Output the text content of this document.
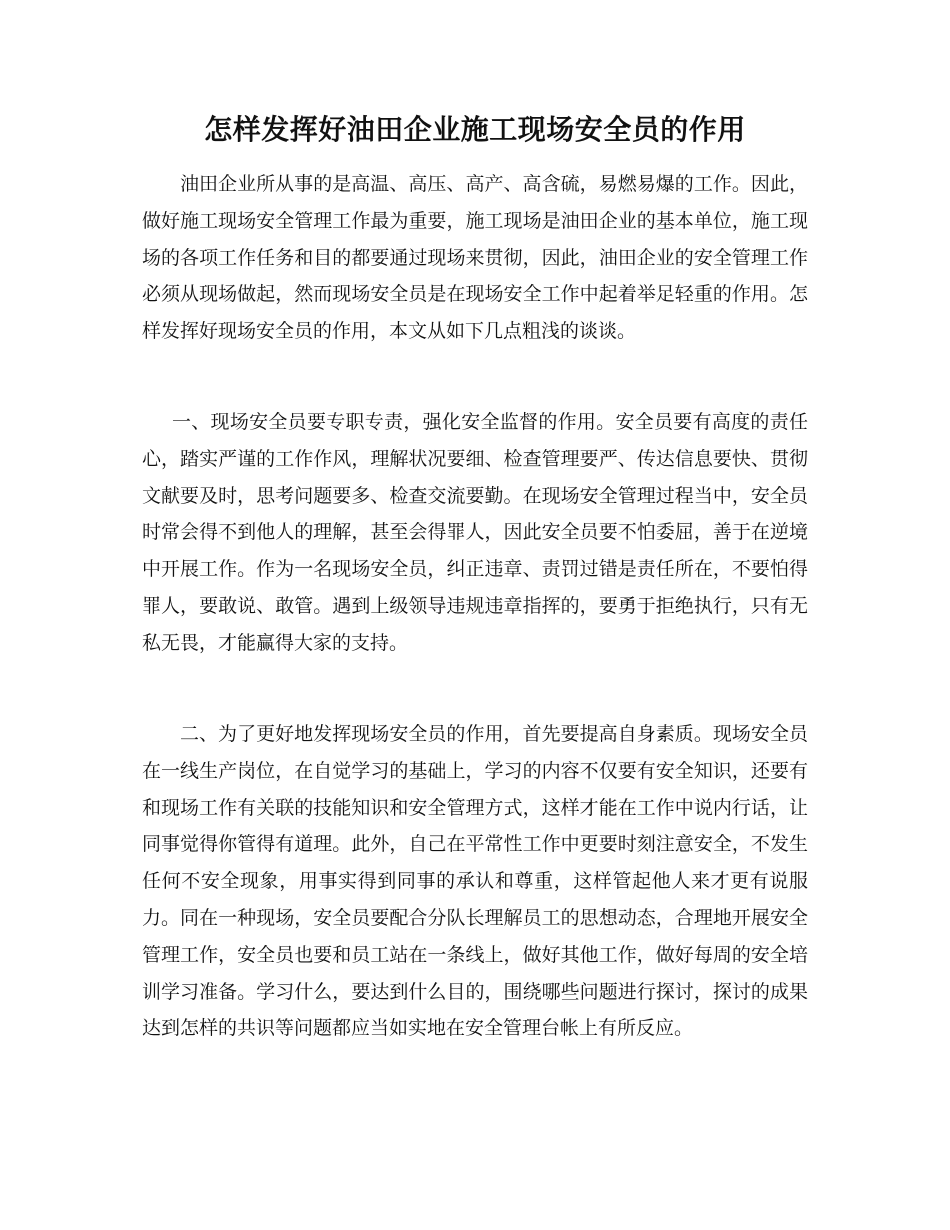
怎样发挥好油田企业施工现场安全员的作用

油田企业所从事的是高温、高压、高产、高含硫，易燃易爆的工作。因此，做好施工现场安全管理工作最为重要，施工现场是油田企业的基本单位，施工现场的各项工作任务和目的都要通过现场来贯彻，因此，油田企业的安全管理工作必须从现场做起，然而现场安全员是在现场安全工作中起着举足轻重的作用。怎样发挥好现场安全员的作用，本文从如下几点粗浅的谈谈。

一、现场安全员要专职专责，强化安全监督的作用。安全员要有高度的责任心，踏实严谨的工作作风，理解状况要细、检查管理要严、传达信息要快、贯彻文献要及时，思考问题要多、检查交流要勤。在现场安全管理过程当中，安全员时常会得不到他人的理解，甚至会得罪人，因此安全员要不怕委屈，善于在逆境中开展工作。作为一名现场安全员，纠正违章、责罚过错是责任所在，不要怕得罪人，要敢说、敢管。遇到上级领导违规违章指挥的，要勇于拒绝执行，只有无私无畏，才能赢得大家的支持。

二、为了更好地发挥现场安全员的作用，首先要提高自身素质。现场安全员在一线生产岗位，在自觉学习的基础上，学习的内容不仅要有安全知识，还要有和现场工作有关联的技能知识和安全管理方式，这样才能在工作中说内行话，让同事觉得你管得有道理。此外，自己在平常性工作中更要时刻注意安全，不发生任何不安全现象，用事实得到同事的承认和尊重，这样管起他人来才更有说服力。同在一种现场，安全员要配合分队长理解员工的思想动态，合理地开展安全管理工作，安全员也要和员工站在一条线上，做好其他工作，做好每周的安全培训学习准备。学习什么，要达到什么目的，围绕哪些问题进行探讨，探讨的成果达到怎样的共识等问题都应当如实地在安全管理台帐上有所反应。
